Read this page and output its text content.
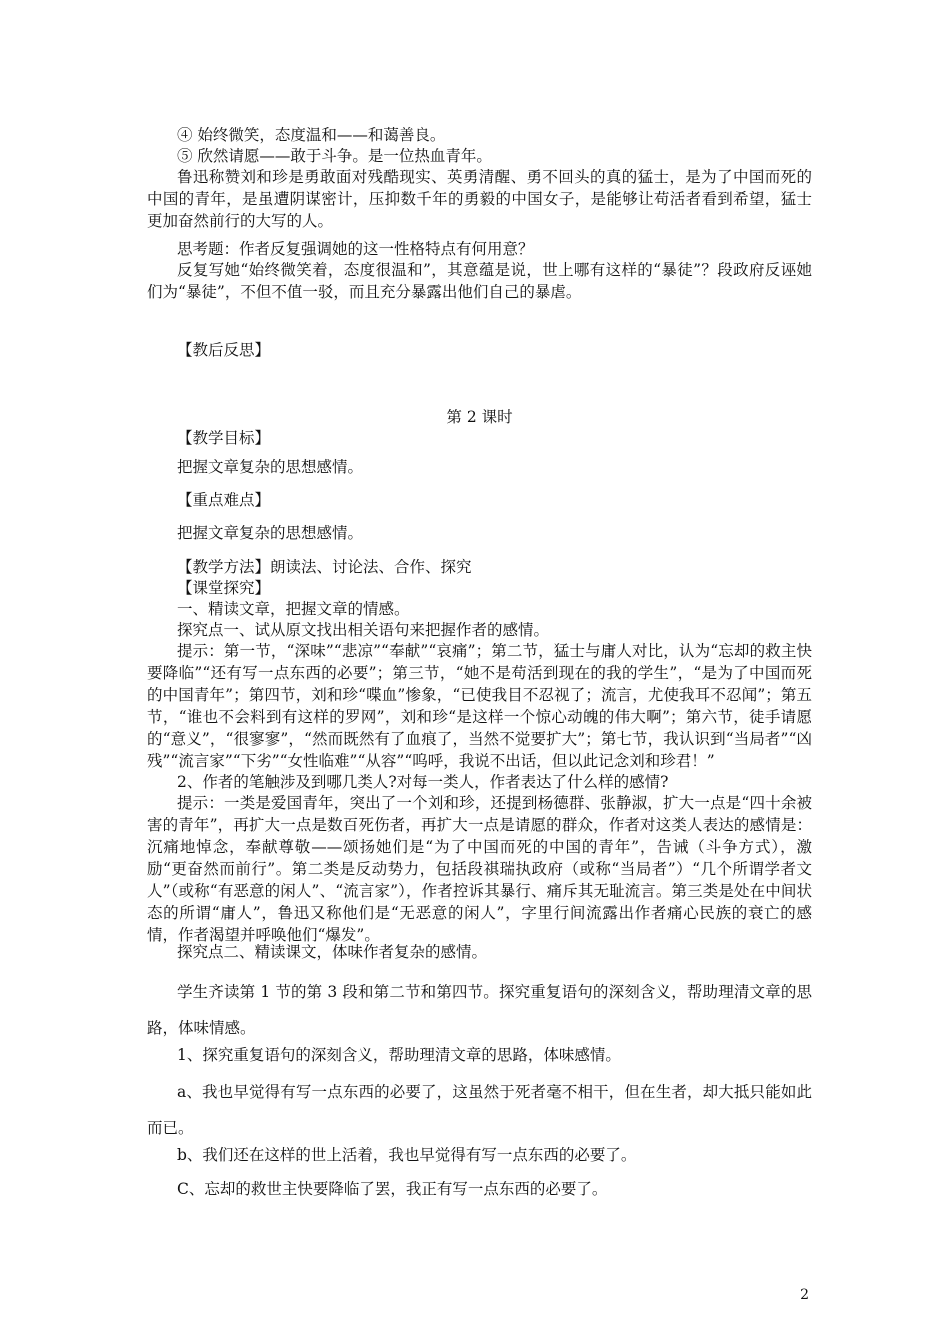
④ 始终微笑，态度温和——和蔼善良。

⑤ 欣然请愿——敢于斗争。是一位热血青年。

鲁迅称赞刘和珍是勇敢面对残酷现实、英勇清醒、勇不回头的真的猛士，是为了中国而死的中国的青年，是虽遭阴谋密计，压抑数千年的勇毅的中国女子，是能够让苟活者看到希望，猛士更加奋然前行的大写的人。

思考题：作者反复强调她的这一性格特点有何用意？

反复写她“始终微笑着，态度很温和”，其意蕴是说，世上哪有这样的“暴徒”？段政府反诬她们为“暴徒”，不但不值一驳，而且充分暴露出他们自己的暴虐。

【教后反思】

第 2 课时

【教学目标】

把握文章复杂的思想感情。

【重点难点】

把握文章复杂的思想感情。

【教学方法】朗读法、讨论法、合作、探究

【课堂探究】

一、精读文章，把握文章的情感。

探究点一、试从原文找出相关语句来把握作者的感情。

提示：第一节，“深味”“悲凉”“奉献”“哀痛”；第二节，猛士与庸人对比，认为“忘却的救主快要降临”“还有写一点东西的必要”；第三节，“她不是苟活到现在的我的学生”，“是为了中国而死的中国青年”；第四节，刘和珍“喋血”惨象，“已使我目不忍视了；流言，尤使我耳不忍闻”；第五节，“谁也不会料到有这样的罗网”，刘和珍“是这样一个惊心动魄的伟大啊”；第六节，徒手请愿的“意义”，“很寥寥”，“然而既然有了血痕了，当然不觉要扩大”；第七节，我认识到“当局者”“凶残”“流言家”“下劣”“女性临难”“从容”“呜呼，我说不出话，但以此记念刘和珍君！”

2、作者的笔触涉及到哪几类人?对每一类人，作者表达了什么样的感情?

提示：一类是爱国青年，突出了一个刘和珍，还提到杨德群、张静淑，扩大一点是“四十余被害的青年”，再扩大一点是数百死伤者，再扩大一点是请愿的群众，作者对这类人表达的感情是：沉痛地悼念，奉献尊敬——颂扬她们是“为了中国而死的中国的青年”，告诫（斗争方式），激励“更奋然而前行”。第二类是反动势力，包括段祺瑞执政府（或称“当局者”）“几个所谓学者文人”（或称“有恶意的闲人”、“流言家”），作者控诉其暴行、痛斥其无耻流言。第三类是处在中间状态的所谓“庸人”，鲁迅又称他们是“无恶意的闲人”，字里行间流露出作者痛心民族的衰亡的感情，作者渴望并呼唤他们“爆发”。

探究点二、精读课文，体味作者复杂的感情。

学生齐读第 1 节的第 3 段和第二节和第四节。探究重复语句的深刻含义，帮助理清文章的思路，体味情感。

1、探究重复语句的深刻含义，帮助理清文章的思路，体味感情。

a、我也早觉得有写一点东西的必要了，这虽然于死者毫不相干，但在生者，却大抵只能如此而已。

b、我们还在这样的世上活着，我也早觉得有写一点东西的必要了。

C、忘却的救世主快要降临了罢，我正有写一点东西的必要了。

2
